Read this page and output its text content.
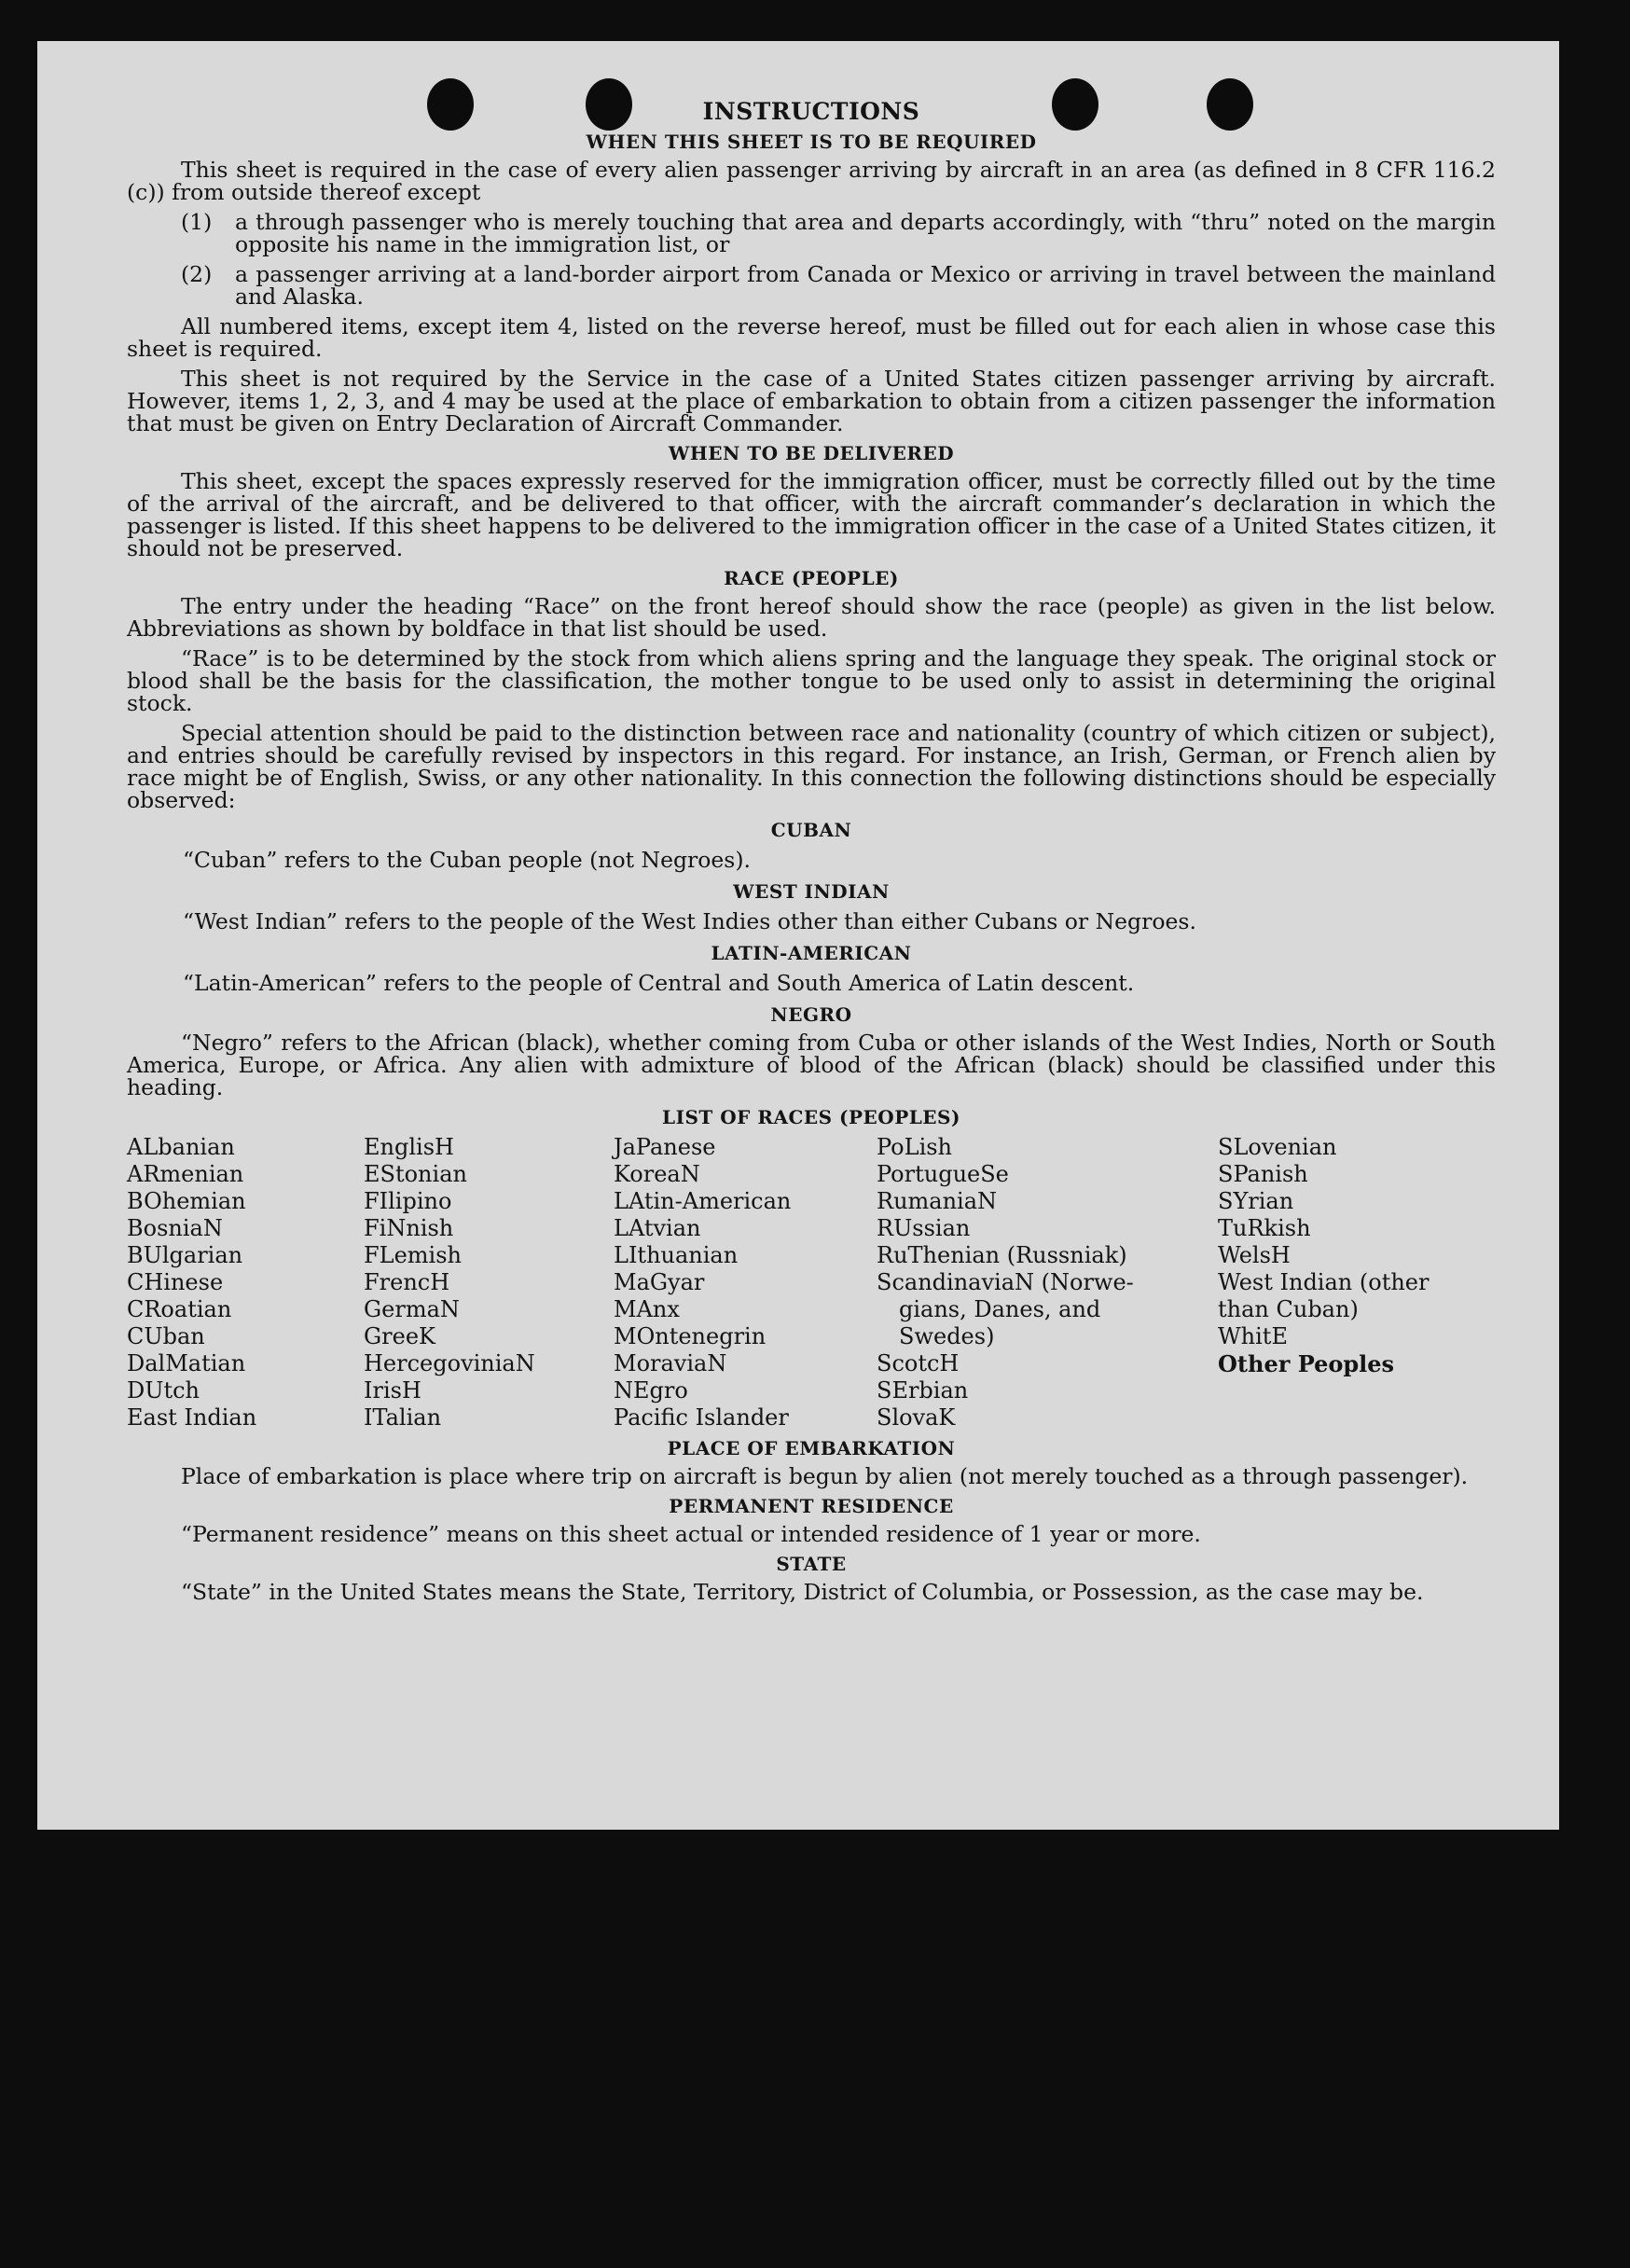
INSTRUCTIONS
WHEN THIS SHEET IS TO BE REQUIRED

This sheet is required in the case of every alien passenger arriving by aircraft in an area (as defined in 8 CFR 116.2 (c)) from outside thereof except

(1)	a through passenger who is merely touching that area and departs accordingly, with “thru” noted on the margin opposite his name in the immigration list, or
(2)	a passenger arriving at a land-border airport from Canada or Mexico or arriving in travel between the mainland and Alaska.

All numbered items, except item 4, listed on the reverse hereof, must be filled out for each alien in whose case this sheet is required.

This sheet is not required by the Service in the case of a United States citizen passenger arriving by aircraft. However, items 1, 2, 3, and 4 may be used at the place of embarkation to obtain from a citizen passenger the information that must be given on Entry Declaration of Aircraft Commander.

WHEN TO BE DELIVERED

This sheet, except the spaces expressly reserved for the immigration officer, must be correctly filled out by the time of the arrival of the aircraft, and be delivered to that officer, with the aircraft commander’s declaration in which the passenger is listed. If this sheet happens to be delivered to the immigration officer in the case of a United States citizen, it should not be preserved.

RACE (PEOPLE)

The entry under the heading “Race” on the front hereof should show the race (people) as given in the list below. Abbreviations as shown by boldface in that list should be used.

“Race” is to be determined by the stock from which aliens spring and the language they speak. The original stock or blood shall be the basis for the classification, the mother tongue to be used only to assist in determining the original stock.

Special attention should be paid to the distinction between race and nationality (country of which citizen or subject), and entries should be carefully revised by inspectors in this regard. For instance, an Irish, German, or French alien by race might be of English, Swiss, or any other nationality. In this connection the following distinctions should be especially observed:

CUBAN
“Cuban” refers to the Cuban people (not Negroes).
WEST INDIAN
“West Indian” refers to the people of the West Indies other than either Cubans or Negroes.
LATIN-AMERICAN
“Latin-American” refers to the people of Central and South America of Latin descent.
NEGRO

“Negro” refers to the African (black), whether coming from Cuba or other islands of the West Indies, North or South America, Europe, or Africa. Any alien with admixture of blood of the African (black) should be classified under this heading.

LIST OF RACES (PEOPLES)
ALbanian
ARmenian
BOhemian
BosniaN
BUlgarian
CHinese
CRoatian
CUban
DalMatian
DUtch
East Indian
EnglisH
EStonian
FIlipino
FiNnish
FLemish
FrencH
GermaN
GreeK
HercegoviniaN
IrisH
ITalian
JaPanese
KoreaN
LAtin-American
LAtvian
LIthuanian
MaGyar
MAnx
MOntenegrin
MoraviaN
NEgro
Pacific Islander
PoLish
PortugueSe
RumaniaN
RUssian
RuThenian (Russniak)
ScandinaviaN (Norwe-
gians, Danes, and
Swedes)
ScotcH
SErbian
SlovaK
SLovenian
SPanish
SYrian
TuRkish
WelsH
West Indian (other
than Cuban)
WhitE
Other Peoples
PLACE OF EMBARKATION

Place of embarkation is place where trip on aircraft is begun by alien (not merely touched as a through passenger).

PERMANENT RESIDENCE

“Permanent residence” means on this sheet actual or intended residence of 1 year or more.

STATE

“State” in the United States means the State, Territory, District of Columbia, or Possession, as the case may be.
